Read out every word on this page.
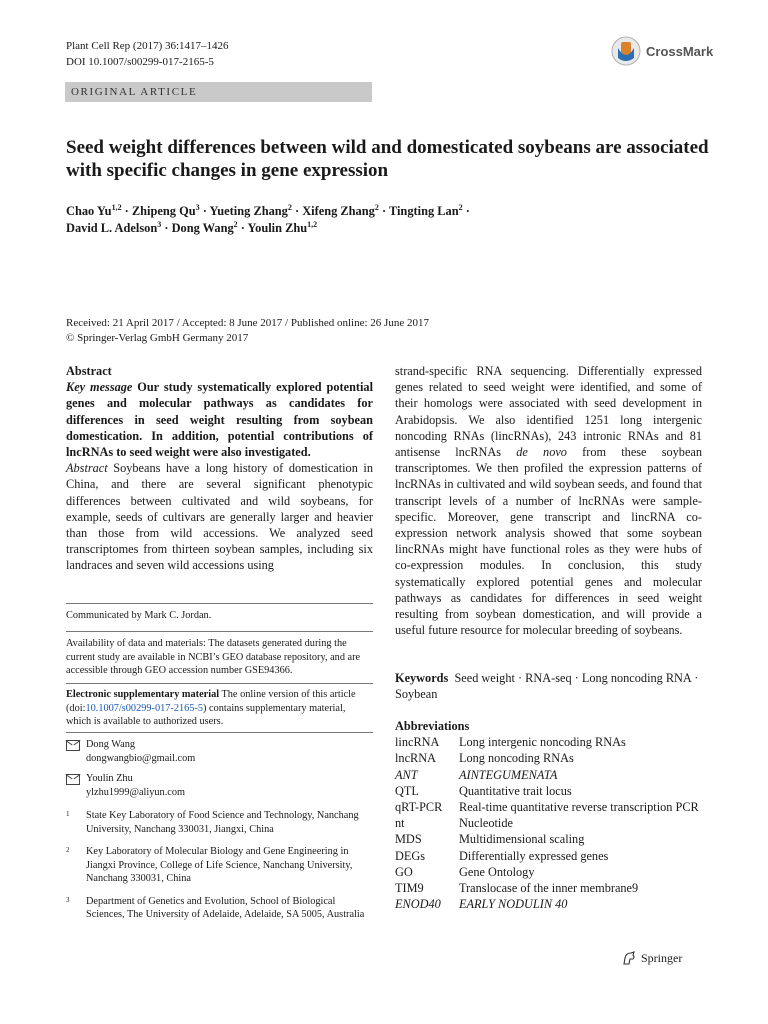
Plant Cell Rep (2017) 36:1417–1426
DOI 10.1007/s00299-017-2165-5
CrossMark
ORIGINAL ARTICLE
Seed weight differences between wild and domesticated soybeans are associated with specific changes in gene expression
Chao Yu$^{1,2}$ · Zhipeng $Qu^3$ · Yueting Zhang$^2$ · Xifeng Zhang$^2$ · Tingting Lan$^2$ ·
David L. Adelson$^3$ · Dong Wang$^2$ · Youlin Zhu$^{1,2}$
Received: 21 April 2017 / Accepted: 8 June 2017 / Published online: 26 June 2017
© Springer-Verlag GmbH Germany 2017

Abstract

Key message Our study systematically explored potential genes and molecular pathways as candidates for differences in seed weight resulting from soybean domestication. In addition, potential contributions of lncRNAs to seed weight were also investigated.

Abstract Soybeans have a long history of domestication in China, and there are several significant phenotypic differences between cultivated and wild soybeans, for example, seeds of cultivars are generally larger and heavier than those from wild accessions. We analyzed seed transcriptomes from thirteen soybean samples, including six landraces and seven wild accessions using

Communicated by Mark C. Jordan.
Availability of data and materials: The datasets generated during the current study are available in NCBI’s GEO database repository, and are accessible through GEO accession number GSE94366.

Electronic supplementary material The online version of this article (doi:10.1007/s00299-017-2165-5) contains supplementary material, which is available to authorized users.

Dong Wang
dongwangbio@gmail.com
Youlin Zhu
ylzhu1999@aliyun.com
1	State Key Laboratory of Food Science and Technology, Nanchang University, Nanchang 330031, Jiangxi, China
2	Key Laboratory of Molecular Biology and Gene Engineering in Jiangxi Province, College of Life Science, Nanchang University, Nanchang 330031, China
3	Department of Genetics and Evolution, School of Biological Sciences, The University of Adelaide, Adelaide, SA 5005, Australia

strand-specific RNA sequencing. Differentially expressed genes related to seed weight were identified, and some of their homologs were associated with seed development in Arabidopsis. We also identified 1251 long intergenic noncoding RNAs (lincRNAs), 243 intronic RNAs and 81 antisense lncRNAs de novo from these soybean transcriptomes. We then profiled the expression patterns of lncRNAs in cultivated and wild soybean seeds, and found that transcript levels of a number of lncRNAs were sample-specific. Moreover, gene transcript and lincRNA co-expression network analysis showed that some soybean lincRNAs might have functional roles as they were hubs of co-expression modules. In conclusion, this study systematically explored potential genes and molecular pathways as candidates for differences in seed weight resulting from soybean domestication, and will provide a useful future resource for molecular breeding of soybeans.

Keywords Seed weight · RNA-seq · Long noncoding RNA · Soybean

Abbreviations
lincRNA	Long intergenic noncoding RNAs
lncRNA	Long noncoding RNAs
ANT	AINTEGUMENATA
QTL	Quantitative trait locus
qRT-PCR	Real-time quantitative reverse transcription PCR
nt	Nucleotide
MDS	Multidimensional scaling
DEGs	Differentially expressed genes
GO	Gene Ontology
TIM9	Translocase of the inner membrane9
ENOD40	EARLY NODULIN 40
Springer
